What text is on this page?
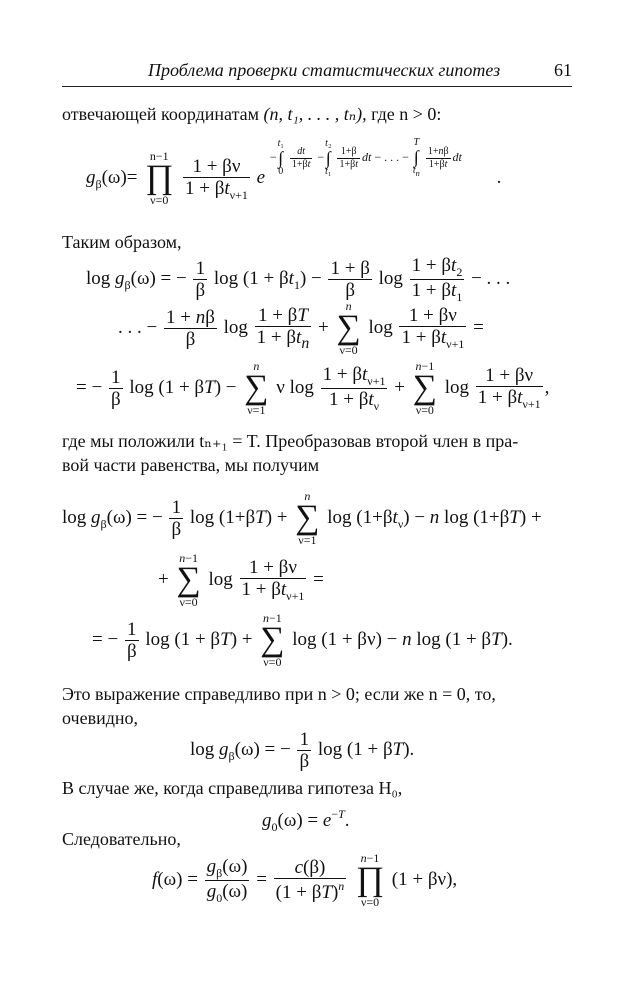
Проблема проверки статистических гипотез	61
отвечающей координатам (n, t₁, . . . , tₙ), где n > 0:
$g_\beta(\omega)=$
n−1
∏
ν=0
$\frac{1 + \beta\nu}{1 + \beta t_{\nu+1}}$ e −
t₁
∫
0

$\frac{dt}{1+\beta t}$ −
t₂
∫
t₁

$\frac{1+\beta}{1+\beta t}$ dt − . . . −
T
∫
$t_n$

$\frac{1+n\beta}{1+\beta t}$ dt .
Таким образом,
$\log g_\beta(\omega)$ = − $\frac{1}{\beta}$ $\log (1 + \beta t_1) - \frac{1 + \beta}{\beta}$ $\log \frac{1 + \beta t_2}{1 + \beta t_1}$ − . . .
. . . − $\frac{1 + n\beta}{\beta}$ $\log \frac{1 + \beta T}{1 + \beta t_n}$ +
n
∑
ν=0
$\log \frac{1 + \beta\nu}{1 + \beta t_{\nu+1}}$ =
= − $\frac{1}{\beta}$ log (1 + βT) −
n
∑
ν=1
ν $\log \frac{1 + \beta t_{\nu+1}}{1 + \beta t_\nu}$ +
n−1
∑
ν=0
$\log \frac{1 + \beta\nu}{1 + \beta t_{\nu+1}}$ ,
где мы положили tₙ₊₁ = T. Преобразовав второй член в пра-
вой части равенства, мы получим
$\log g_\beta(\omega)$ = − $\frac{1}{\beta}$ log (1+βT) +
n
∑
ν=1
$\log (1+\beta t_\nu) - n$ log (1+βT) +
+
n−1
∑
ν=0
$\log \frac{1 + \beta\nu}{1 + \beta t_{\nu+1}}$ =
= − $\frac{1}{\beta}$ log (1 + βT) +
n−1
∑
ν=0
log (1 + βν) − n log (1 + βT).
Это выражение справедливо при n > 0; если же n = 0, то,
очевидно,
$\log g_\beta(\omega)$ = − $\frac{1}{\beta}$ log (1 + βT).
В случае же, когда справедлива гипотеза H₀,
$g_0(\omega) = e^{-T}$.
Следовательно,
$f(\omega) = \frac{g_\beta(\omega)}{g_0(\omega)} = \frac{c(\beta)}{(1 + \beta T)^n}$

n−1
∏
ν=0
(1 + βν),
